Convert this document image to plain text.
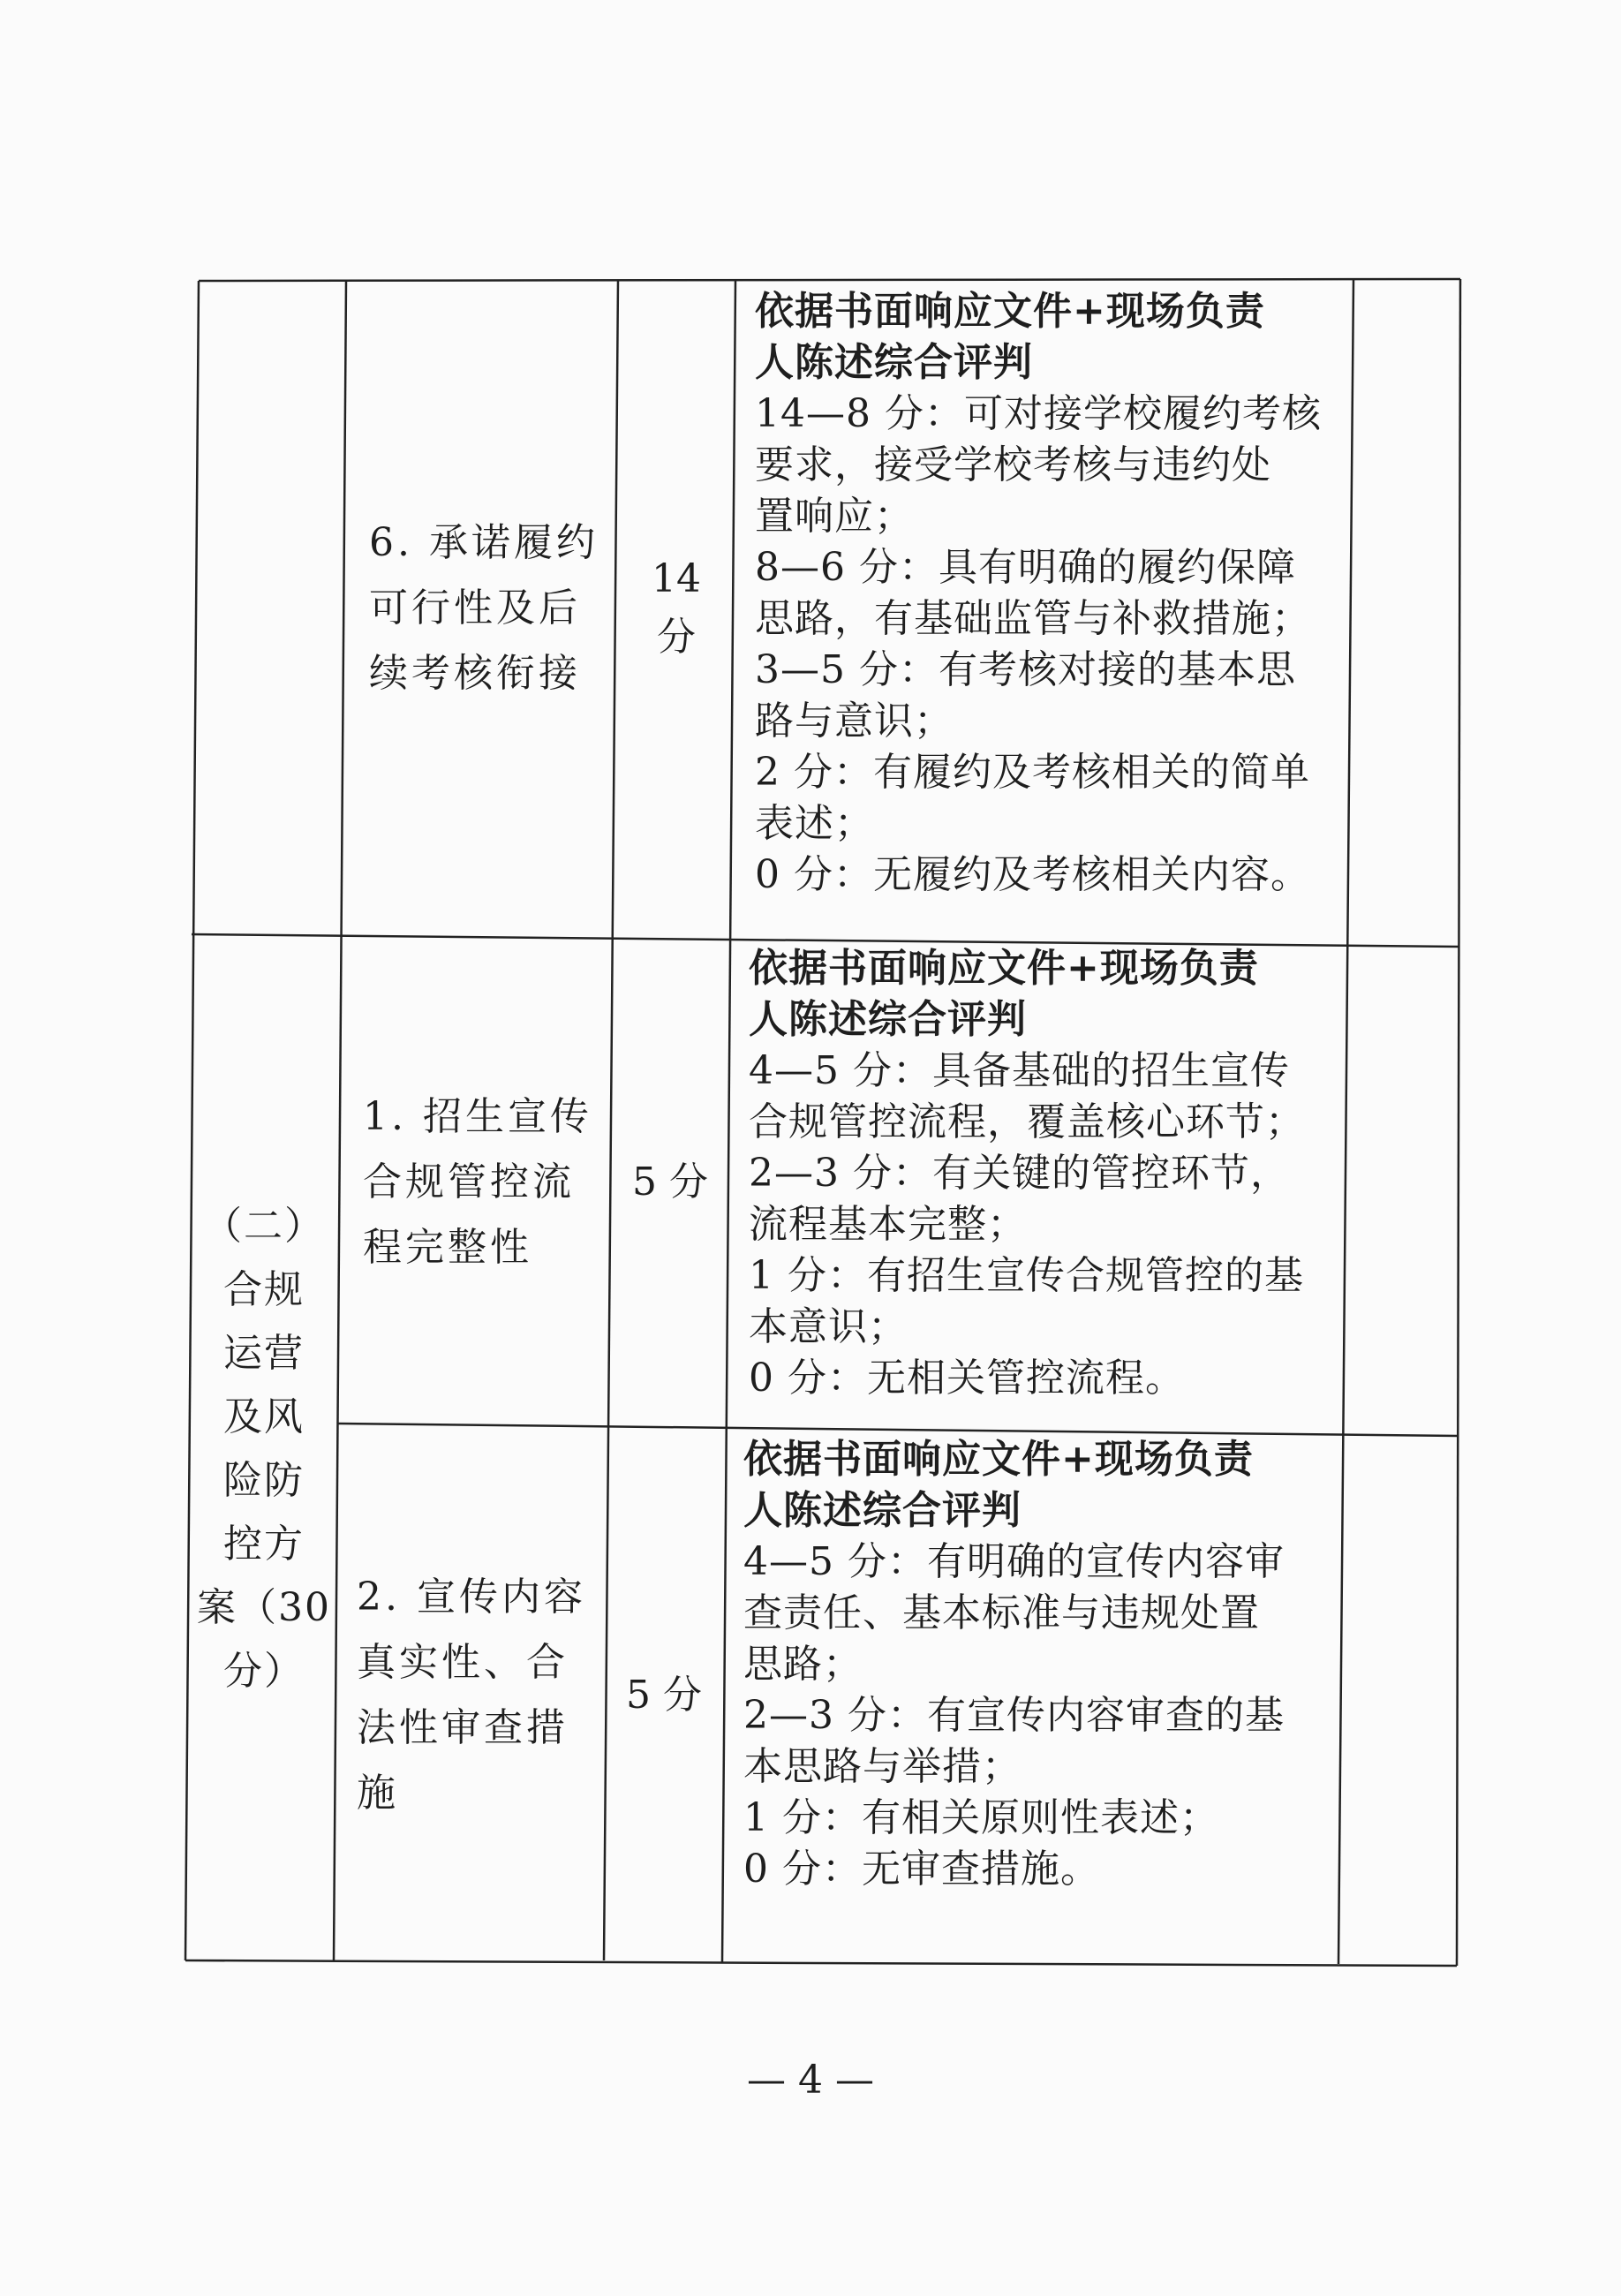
6. 承诺履约
可行性及后
续考核衔接
14
分
依据书面响应文件+现场负责
人陈述综合评判
14—8 分：可对接学校履约考核
要求，接受学校考核与违约处
置响应；
8—6 分：具有明确的履约保障
思路，有基础监管与补救措施；
3—5 分：有考核对接的基本思
路与意识；
2 分：有履约及考核相关的简单
表述；
0 分：无履约及考核相关内容。
（二）
合规
运营
及风
险防
控方
案（30
分）
1. 招生宣传
合规管控流
程完整性
5 分
依据书面响应文件+现场负责
人陈述综合评判
4—5 分：具备基础的招生宣传
合规管控流程，覆盖核心环节；
2—3 分：有关键的管控环节，
流程基本完整；
1 分：有招生宣传合规管控的基
本意识；
0 分：无相关管控流程。
2. 宣传内容
真实性、合
法性审查措
施
5 分
依据书面响应文件+现场负责
人陈述综合评判
4—5 分：有明确的宣传内容审
查责任、基本标准与违规处置
思路；
2—3 分：有宣传内容审查的基
本思路与举措；
1 分：有相关原则性表述；
0 分：无审查措施。
— 4 —
